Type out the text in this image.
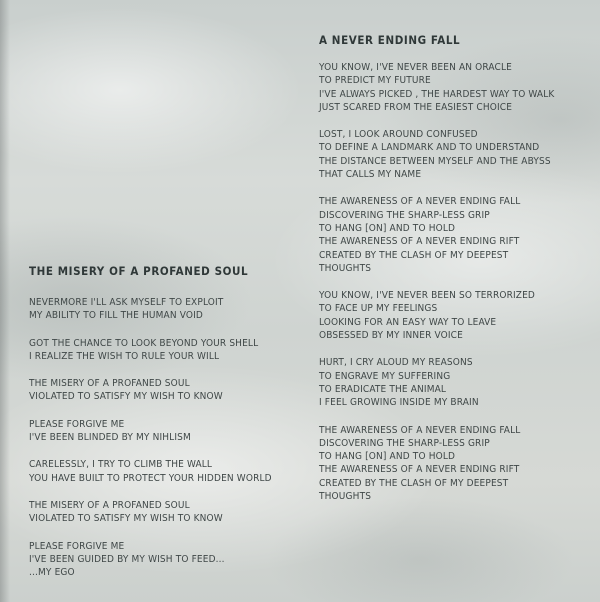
THE MISERY OF A PROFANED SOUL
NEVERMORE I'LL ASK MYSELF TO EXPLOIT
MY ABILITY TO FILL THE HUMAN VOID
GOT THE CHANCE TO LOOK BEYOND YOUR SHELL
I REALIZE THE WISH TO RULE YOUR WILL
THE MISERY OF A PROFANED SOUL
VIOLATED TO SATISFY MY WISH TO KNOW
PLEASE FORGIVE ME
I'VE BEEN BLINDED BY MY NIHLISM
CARELESSLY, I TRY TO CLIMB THE WALL
YOU HAVE BUILT TO PROTECT YOUR HIDDEN WORLD
THE MISERY OF A PROFANED SOUL
VIOLATED TO SATISFY MY WISH TO KNOW
PLEASE FORGIVE ME
I'VE BEEN GUIDED BY MY WISH TO FEED...
...MY EGO
A NEVER ENDING FALL
YOU KNOW, I'VE NEVER BEEN AN ORACLE
TO PREDICT MY FUTURE
I'VE ALWAYS PICKED , THE HARDEST WAY TO WALK
JUST SCARED FROM THE EASIEST CHOICE
LOST, I LOOK AROUND CONFUSED
TO DEFINE A LANDMARK AND TO UNDERSTAND
THE DISTANCE BETWEEN MYSELF AND THE ABYSS
THAT CALLS MY NAME
THE AWARENESS OF A NEVER ENDING FALL
DISCOVERING THE SHARP-LESS GRIP
TO HANG [ON] AND TO HOLD
THE AWARENESS OF A NEVER ENDING RIFT
CREATED BY THE CLASH OF MY DEEPEST
THOUGHTS
YOU KNOW, I'VE NEVER BEEN SO TERRORIZED
TO FACE UP MY FEELINGS
LOOKING FOR AN EASY WAY TO LEAVE
OBSESSED BY MY INNER VOICE
HURT, I CRY ALOUD MY REASONS
TO ENGRAVE MY SUFFERING
TO ERADICATE THE ANIMAL
I FEEL GROWING INSIDE MY BRAIN
THE AWARENESS OF A NEVER ENDING FALL
DISCOVERING THE SHARP-LESS GRIP
TO HANG [ON] AND TO HOLD
THE AWARENESS OF A NEVER ENDING RIFT
CREATED BY THE CLASH OF MY DEEPEST
THOUGHTS
